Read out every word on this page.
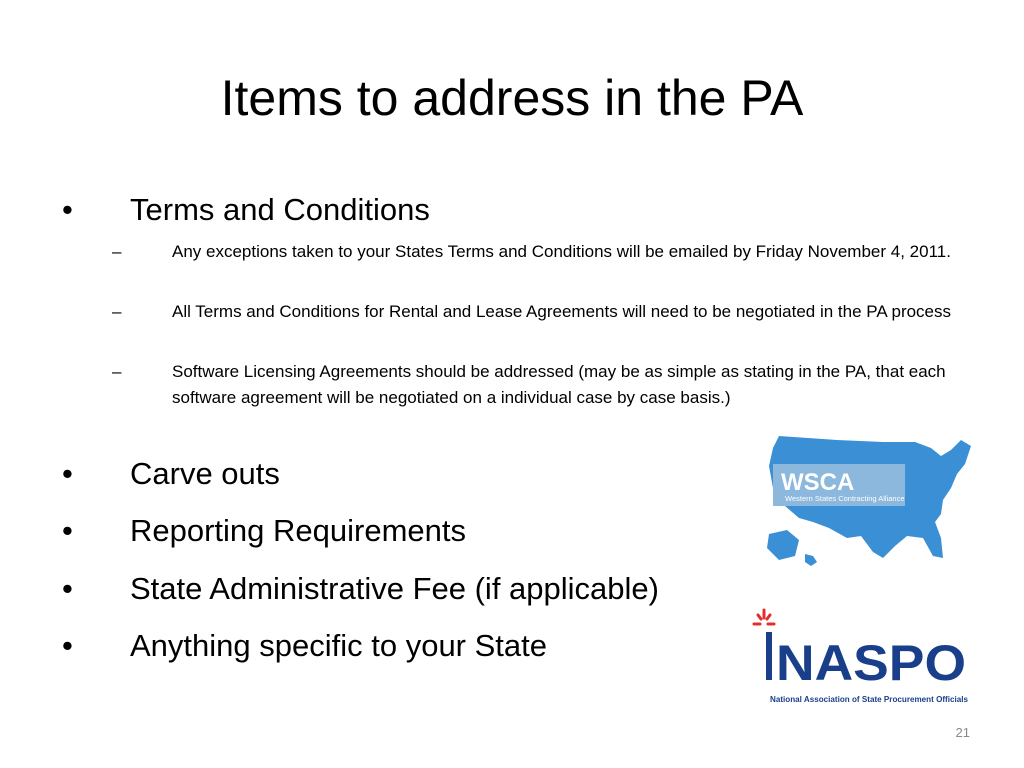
Items to address in the PA
• Terms and Conditions
–	Any exceptions taken to your States Terms and Conditions will be emailed by Friday November 4, 2011.
–	All Terms and Conditions for Rental and Lease Agreements will need to be negotiated in the PA process
–	Software Licensing Agreements should be addressed (may be as simple as stating in the PA, that each software agreement will be negotiated on a individual case by case basis.)
• Carve outs
• Reporting Requirements
• State Administrative Fee (if applicable)
• Anything specific to your State
WSCA
Western States Contracting Alliance
NASPO
National Association of State Procurement Officials
21
